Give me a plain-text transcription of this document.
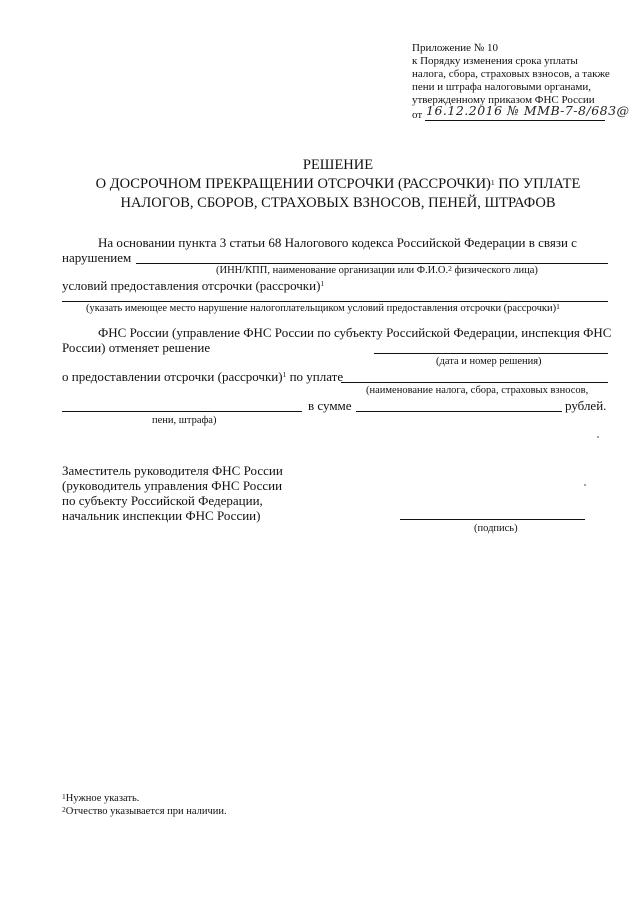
Приложение № 10
к Порядку изменения срока уплаты
налога, сбора, страховых взносов, а также
пени и штрафа налоговыми органами,
утвержденному приказом ФНС России
от 16.12.2016 № ММВ-7-8/683@
РЕШЕНИЕ
О ДОСРОЧНОМ ПРЕКРАЩЕНИИ ОТСРОЧКИ (РАССРОЧКИ)$^1$ ПО УПЛАТЕ
НАЛОГОВ, СБОРОВ, СТРАХОВЫХ ВЗНОСОВ, ПЕНЕЙ, ШТРАФОВ
На основании пункта 3 статьи 68 Налогового кодекса Российской Федерации в связи с
нарушением
(ИНН/КПП, наименование организации или Ф.И.О.$^2$ физического лица)
условий предоставления отсрочки (рассрочки)$^1$
(указать имеющее место нарушение налогоплательщиком условий предоставления отсрочки (рассрочки)$^1$
ФНС России (управление ФНС России по субъекту Российской Федерации, инспекция ФНС
России) отменяет решение
(дата и номер решения)
о предоставлении отсрочки (рассрочки)$^1$ по уплате
(наименование налога, сбора, страховых взносов,
в сумме	рублей.
пени, штрафа)
Заместитель руководителя ФНС России
(руководитель управления ФНС России
по субъекту Российской Федерации,
начальник инспекции ФНС России)
(подпись)
$^1$Нужное указать.
$^2$Отчество указывается при наличии.
